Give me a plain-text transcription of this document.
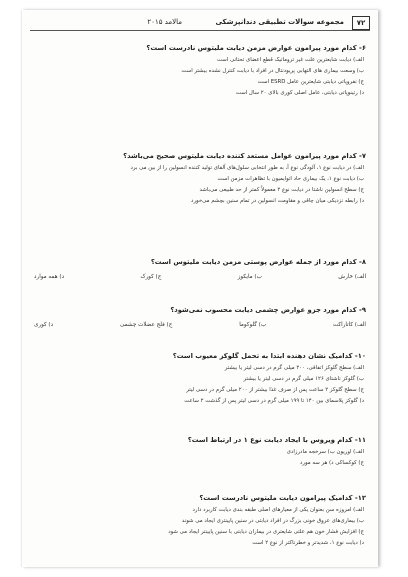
۷۲
مجموعه سوالات تطبیقی دندانپزشکی
مالامد ۲۰۱۵
۶- کدام مورد پیرامون عوارض مزمن دیابت ملیتوس نادرست است؟
الف) دیابت شایعترین علت غیر تروماتیک قطع اعضای تحتانی است
ب) وسعت بیماری های التهابی پریودنتال در افراد با دیابت کنترل نشده بیشتر است
ج) نفروپاتی دیابتی شایعترین عامل ESRD است
د) رتینوپاتی دیابتی، عامل اصلی کوری بالای ۲۰ سال است
۷- کدام مورد پیرامون عوامل مستعد کننده دیابت ملیتوس صحیح می‌باشد؟
الف) در دیابت نوع ۱، آلودگی نوع آ، به طور انتخابی سلول‌های آلفای تولید کننده انسولین را از بین می برد
ب) دیابت نوع ۱، یک بیماری حاد اتوایمیون با تظاهرات مزمن است
ج) سطح انسولین ناشتا در دیابت نوع ۲ معمولاً کمتر از حد طبیعی می‌باشد
د) رابطه نزدیکی میان چاقی و مقاومت انسولین در تمام سنین بچشم می‌خورد
۸- کدام مورد از جمله عوارض پوستی مزمن دیابت ملیتوس است؟
الف) خارش
ب) مایکوز
ج) کورک
د) همه موارد
۹- کدام مورد جزو عوارض چشمی دیابت محسوب نمی‌شود؟
الف) کاتاراکت
ب) گلوکوما
ج) فلج عضلات چشمی
د) کوری
۱۰- کدامیک نشان دهنده ابتدا به تحمل گلوکز معیوب است؟
الف) سطح گلوکز اتفاقی، ۲۰۰ میلی گرم در دسی لیتر یا بیشتر
ب) گلوکز ناشتای ۱۲۶ میلی گرم در دسی لیتر یا بیشتر
ج) سطح گلوکز ۲ ساعت پس از صرف غذا بیشتر از ۲۰۰ میلی گرم در دسی لیتر
د) گلوکز پلاسمای بین ۱۴۰ تا ۱۹۹ میلی گرم در دسی لیتر پس از گذشت ۲ ساعت
۱۱- کدام ویروس با ایجاد دیابت نوع ۱ در ارتباط است؟
الف) اوریون ب) سرخجه مادرزادی
ج) کوکساکی د) هر سه مورد
۱۲- کدامیک پیرامون دیابت ملیتوس نادرست است؟
الف) امروزه سن بعنوان یکی از معیارهای اصلی طبقه بندی دیابت کاربرد دارد
ب) بیماری‌های عروق خونی بزرگ در افراد دیابتی در سنین پایینتری ایجاد می شوند
ج) افزایش فشار خون هم علتی شایعتری در بیماران دیابتی با سنین پایینتر ایجاد می شود
د) دیابت نوع ۱، شدیدتر و خطرناکتر از نوع ۲ است
